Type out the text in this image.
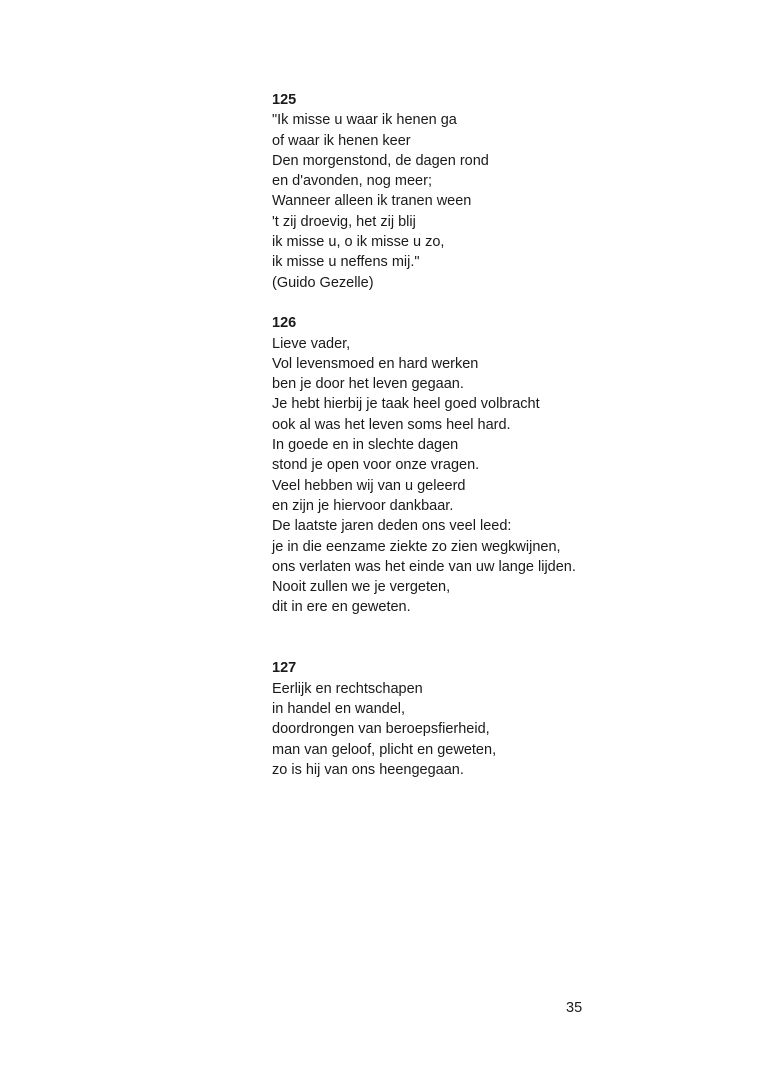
125
"Ik misse u waar ik henen ga
of waar ik henen keer
Den morgenstond, de dagen rond
en d'avonden, nog meer;
Wanneer alleen ik tranen ween
't zij droevig, het zij blij
ik misse u, o ik misse u zo,
ik misse u neffens mij."
(Guido Gezelle)
126
Lieve vader,
Vol levensmoed en hard werken
ben je door het leven gegaan.
Je hebt hierbij je taak heel goed volbracht
ook al was het leven soms heel hard.
In goede en in slechte dagen
stond je open voor onze vragen.
Veel hebben wij van u geleerd
en zijn je hiervoor dankbaar.
De laatste jaren deden ons veel leed:
je in die eenzame ziekte zo zien wegkwijnen,
ons verlaten was het einde van uw lange lijden.
Nooit zullen we je vergeten,
dit in ere en geweten.
127
Eerlijk en rechtschapen
in handel en wandel,
doordrongen van beroepsfierheid,
man van geloof, plicht en geweten,
zo is hij van ons heengegaan.
35
